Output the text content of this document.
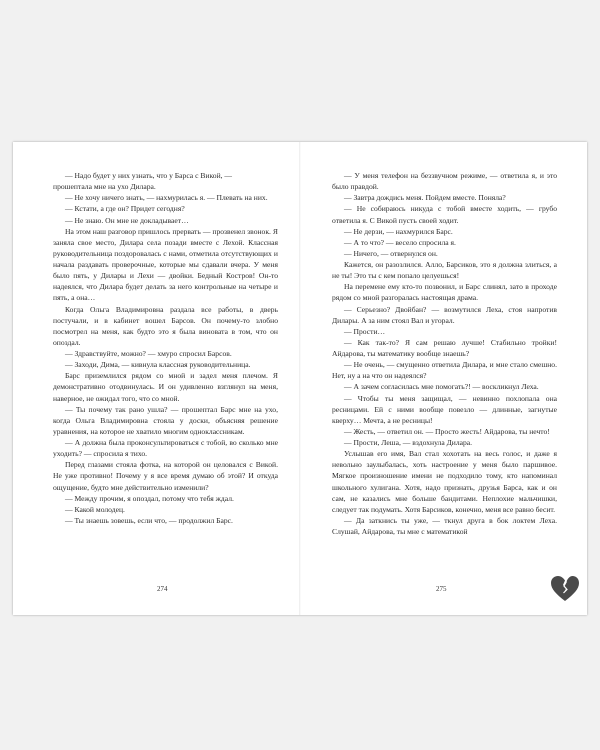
— Надо будет у них узнать, что у Барса с Викой, —

прошептала мне на ухо Дилара.

— Не хочу ничего знать, — нахмурилась я. — Плевать на них.

— Кстати, а где он? Придет сегодня?

— Не знаю. Он мне не докладывает…

На этом наш разговор пришлось прервать — прозвенел звонок. Я заняла свое место, Дилара села позади вместе с Лехой. Классная руководительница поздоровалась с нами, отметила отсутствующих и начала раздавать проверочные, которые мы сдавали вчера. У меня было пять, у Дилары и Лехи — двойки. Бедный Костров! Он-то надеялся, что Дилара будет делать за него контрольные на четыре и пять, а она…

Когда Ольга Владимировна раздала все работы, в дверь постучали, и в кабинет вошел Барсов. Он почему-то злобно посмотрел на меня, как будто это я была виновата в том, что он опоздал.

— Здравствуйте, можно? — хмуро спросил Барсов.

— Заходи, Дима, — кивнула классная руководительница.

Барс приземлился рядом со мной и задел меня плечом. Я демонстративно отодвинулась. И он удивленно взглянул на меня, наверное, не ожидал того, что со мной.

— Ты почему так рано ушла? — прошептал Барс мне на ухо, когда Ольга Владимировна стояла у доски, объясняя решение уравнения, на которое не хватило многим одноклассникам.

— А должна была проконсультироваться с тобой, во сколько мне уходить? — спросила я тихо.

Перед глазами стояла фотка, на которой он целовался с Викой. Не уже противно! Почему у я все время думаю об этой? И откуда ощущение, будто мне действительно изменили?

— Между прочим, я опоздал, потому что тебя ждал.

— Какой молодец.

— Ты знаешь зовешь, если что, — продолжил Барс.

— У меня телефон на беззвучном режиме, — ответила я, и это было правдой.

— Завтра дождись меня. Пойдем вместе. Поняла?

— Не собираюсь никуда с тобой вместе ходить, — грубо ответила я. С Викой пусть своей ходит.

— Не дерзи, — нахмурился Барс.

— А то что? — весело спросила я.

— Ничего, — отвернулся он.

Кажется, он разозлился. Алло, Барсиков, это я должна злиться, а не ты! Это ты с кем попало целуешься!

На перемене ему кто-то позвонил, и Барс слинял, зато в проходе рядом со мной разгоралась настоящая драма.

— Серьезно? Двойбан? — возмутился Леха, стоя напротив Дилары. А за ним стоял Вал и угорал.

— Прости…

— Как так-то? Я сам решаю лучше! Стабильно тройки! Айдарова, ты математику вообще знаешь?

— Не очень, — смущенно ответила Дилара, и мне стало смешно. Нет, ну а на что он надеялся?

— А зачем согласилась мне помогать?! — воскликнул Леха.

— Чтобы ты меня защищал, — невинно похлопала она ресницами. Ей с ними вообще повезло — длинные, загнутые кверху… Мечта, а не ресницы!

— Жесть, — ответил он. — Просто жесть! Айдарова, ты нечто!

— Прости, Леша, — вздохнула Дилара.

Услышав его имя, Вал стал хохотать на весь голос, и даже я невольно заулыбалась, хоть настроение у меня было паршивое. Мягкое произношение имени не подходило тому, кто напоминал школьного хулигана. Хотя, надо признать, друзья Барса, как и он сам, не казались мне больше бандитами. Неплохие мальчишки, следует так подумать. Хотя Барсиков, конечно, меня все равно бесит.

— Да заткнись ты уже, — ткнул друга в бок локтем Леха. Слушай, Айдарова, ты мне с математикой

274	275
